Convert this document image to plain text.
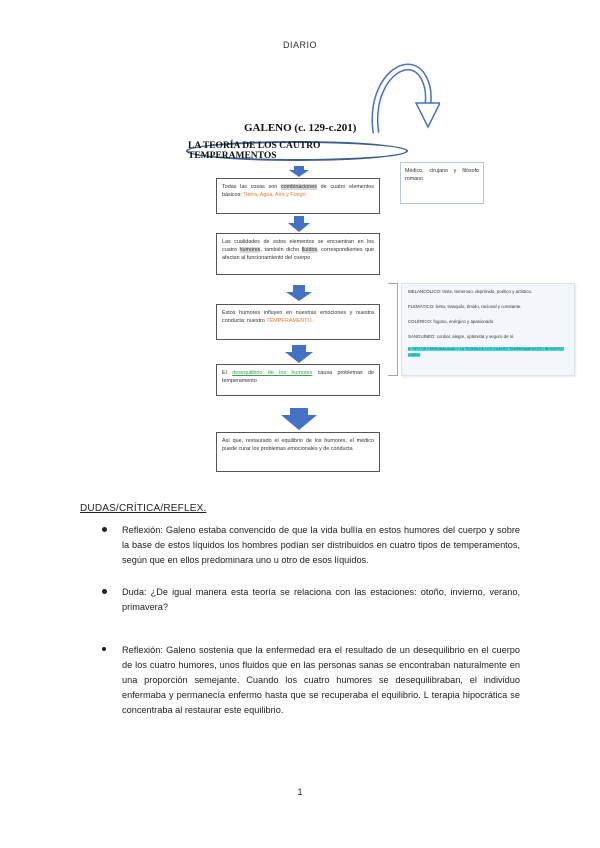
DIARIO
GALENO (c. 129-c.201)
LA TEORÍA DE LOS CAUTRO TEMPERAMENTOS
Médico, cirujano y filósofo romano
Todas las cosas son combinaciones de cuatro elementos básicos: Tierra, Agua, Aire y Fuego
Las cualidades de estos elementos se encuentran en los cuatro humores, también dicho fluidos, correspondientes que afectan al funcionamiento del cuerpo
Estos humores influyen en nuestras emociones y nuestra conducta: nuestro TEMPERAMENTO
El desequilibrio de los humores causa problemas de temperamento
Así que, restaurado el equilibrio de los humores, el médico puede curar los problemas emocionales y de conducta

MELANCÓLICO: triste, temeroso, deprimido, poético y artístico.

FLEMÁTICO: lento, tranquilo, tímido, racional y constante.

COLÉRICO: fogoso, enérgico y apasionado.

SANGUÍNEO: cordial, alegre, optimista y seguro de sí.

8. TIPO DE PERSONALIDAD Y LA TEORÍA DE LOS CUATRO TEMPERAMENTOS / REGISTRO DIARIO
DUDAS/CRÍTICA/REFLEX.
Reflexión: Galeno estaba convencido de que la vida bullía en estos humores del cuerpo y sobre la base de estos líquidos los hombres podían ser distribuidos en cuatro tipos de temperamentos, según que en ellos predominara uno u otro de esos líquidos.
Duda: ¿De igual manera esta teoría se relaciona con las estaciones: otoño, invierno, verano, primavera?
Reflexión: Galeno sostenía que la enfermedad era el resultado de un desequilibrio en el cuerpo de los cuatro humores, unos fluidos que en las personas sanas se encontraban naturalmente en una proporción semejante. Cuando los cuatro humores se desequilibraban, el individuo enfermaba y permanecía enfermo hasta que se recuperaba el equilibrio. L terapia hipocrática se concentraba al restaurar este equilibrio.
1
